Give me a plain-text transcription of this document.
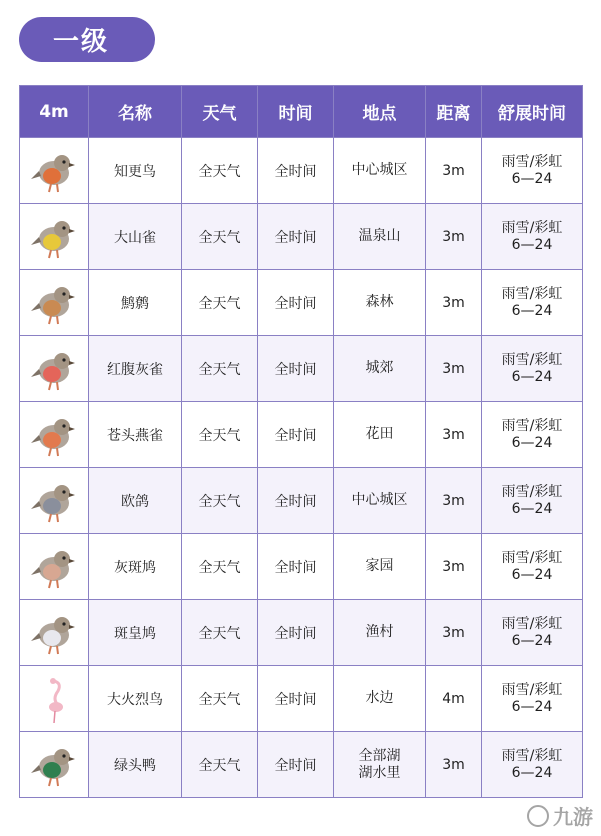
一级
4m	名称	天气	时间	地点	距离	舒展时间

	知更鸟	全天气	全时间	中心城区	3m	雨雪/彩虹
6—24

	大山雀	全天气	全时间	温泉山	3m	雨雪/彩虹
6—24

	鹪鹩	全天气	全时间	森林	3m	雨雪/彩虹
6—24

	红腹灰雀	全天气	全时间	城郊	3m	雨雪/彩虹
6—24

	苍头燕雀	全天气	全时间	花田	3m	雨雪/彩虹
6—24

	欧鸽	全天气	全时间	中心城区	3m	雨雪/彩虹
6—24

	灰斑鸠	全天气	全时间	家园	3m	雨雪/彩虹
6—24

	斑皇鸠	全天气	全时间	渔村	3m	雨雪/彩虹
6—24

	大火烈鸟	全天气	全时间	水边	4m	雨雪/彩虹
6—24

	绿头鸭	全天气	全时间	全部湖
湖水里	3m	雨雪/彩虹
6—24
九游
